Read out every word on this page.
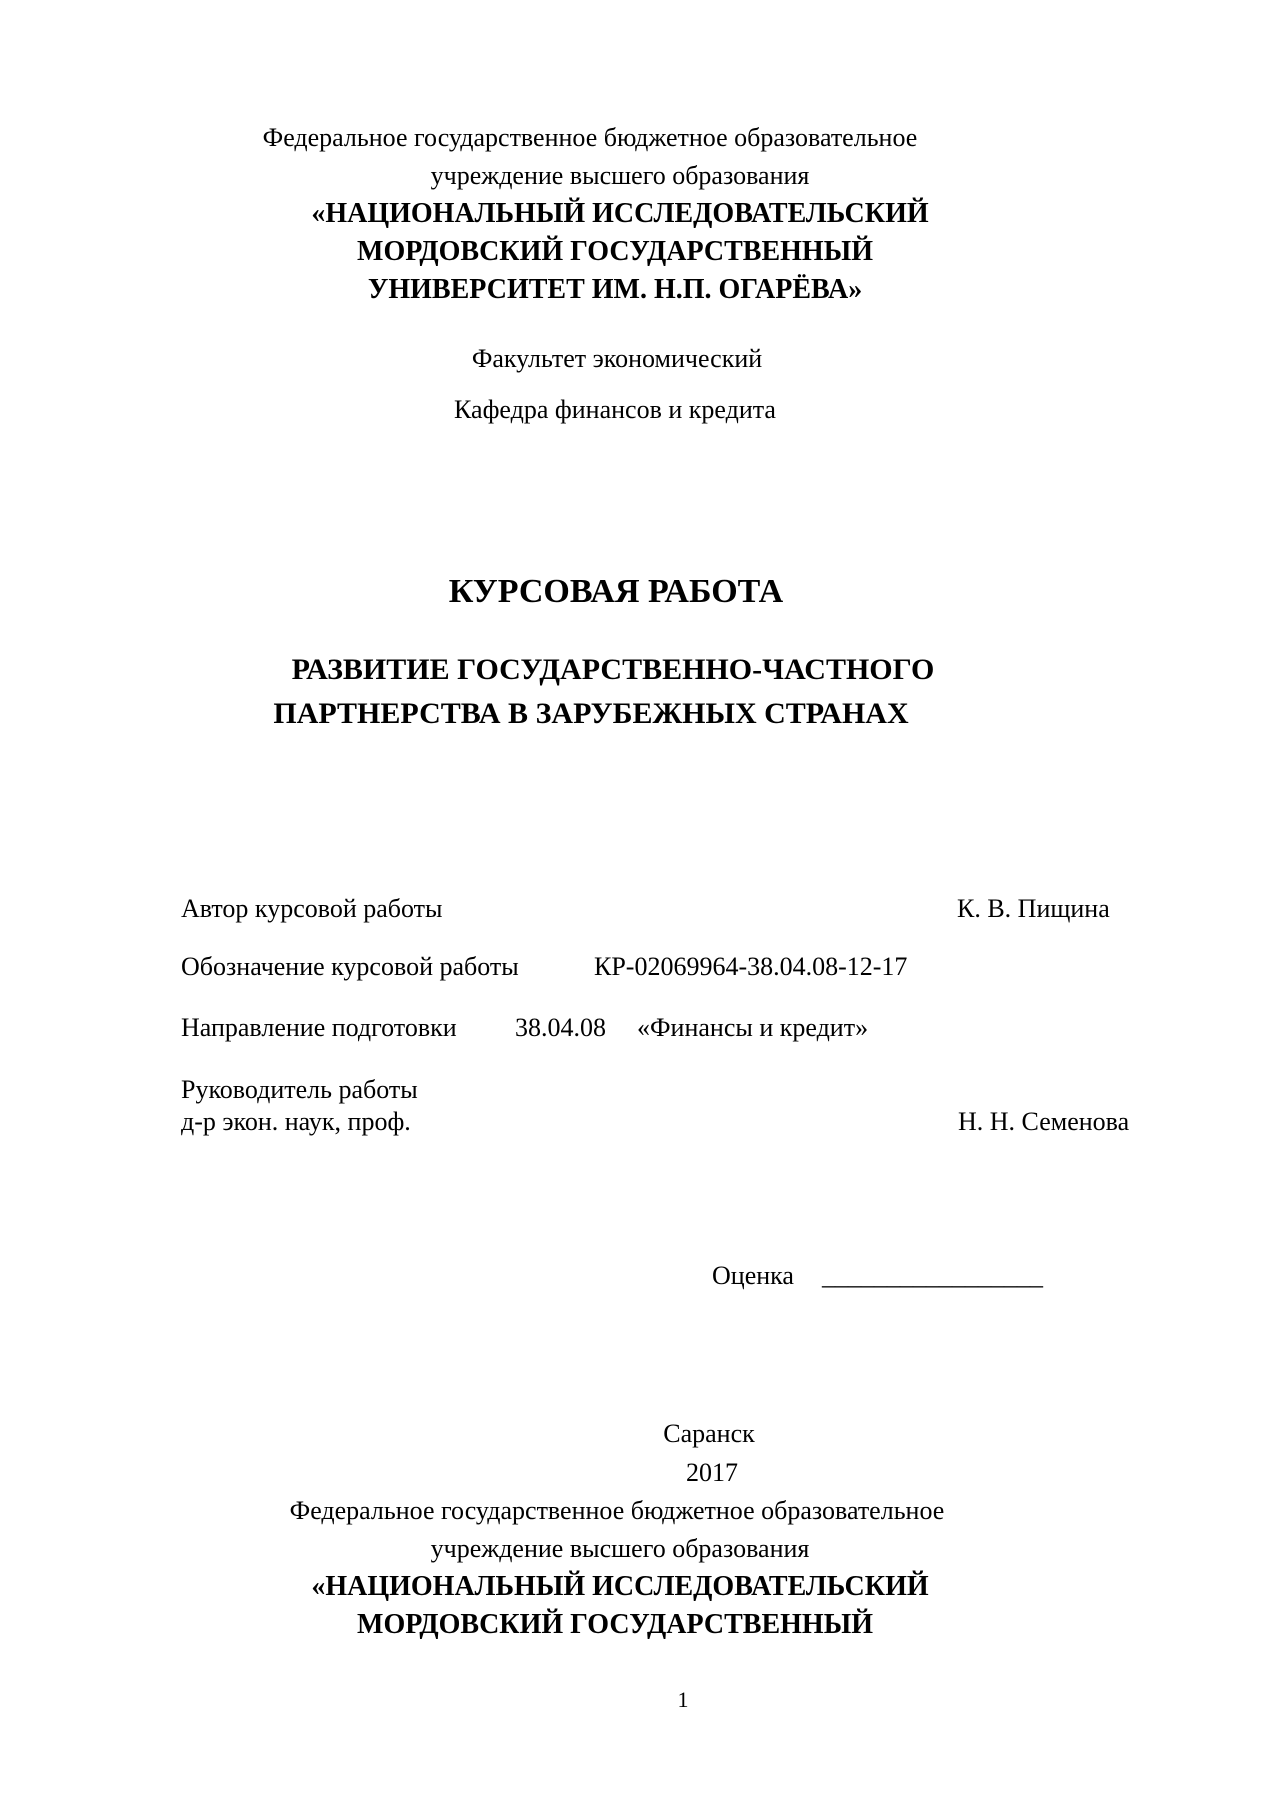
Федеральное государственное бюджетное образовательное
учреждение высшего образования
«НАЦИОНАЛЬНЫЙ ИССЛЕДОВАТЕЛЬСКИЙ
МОРДОВСКИЙ ГОСУДАРСТВЕННЫЙ
УНИВЕРСИТЕТ ИМ. Н.П. ОГАРЁВА»
Факультет экономический
Кафедра финансов и кредита
КУРСОВАЯ РАБОТА
РАЗВИТИЕ ГОСУДАРСТВЕННО-ЧАСТНОГО
ПАРТНЕРСТВА В ЗАРУБЕЖНЫХ СТРАНАХ
Автор курсовой работы	К. В. Пищина
Обозначение курсовой работы	КР-02069964-38.04.08-12-17
Направление подготовки 38.04.08 «Финансы и кредит»
Руководитель работы
д-р экон. наук, проф.	Н. Н. Семенова
Оценка _________________
Саранск
2017
Федеральное государственное бюджетное образовательное
учреждение высшего образования
«НАЦИОНАЛЬНЫЙ ИССЛЕДОВАТЕЛЬСКИЙ
МОРДОВСКИЙ ГОСУДАРСТВЕННЫЙ
1
